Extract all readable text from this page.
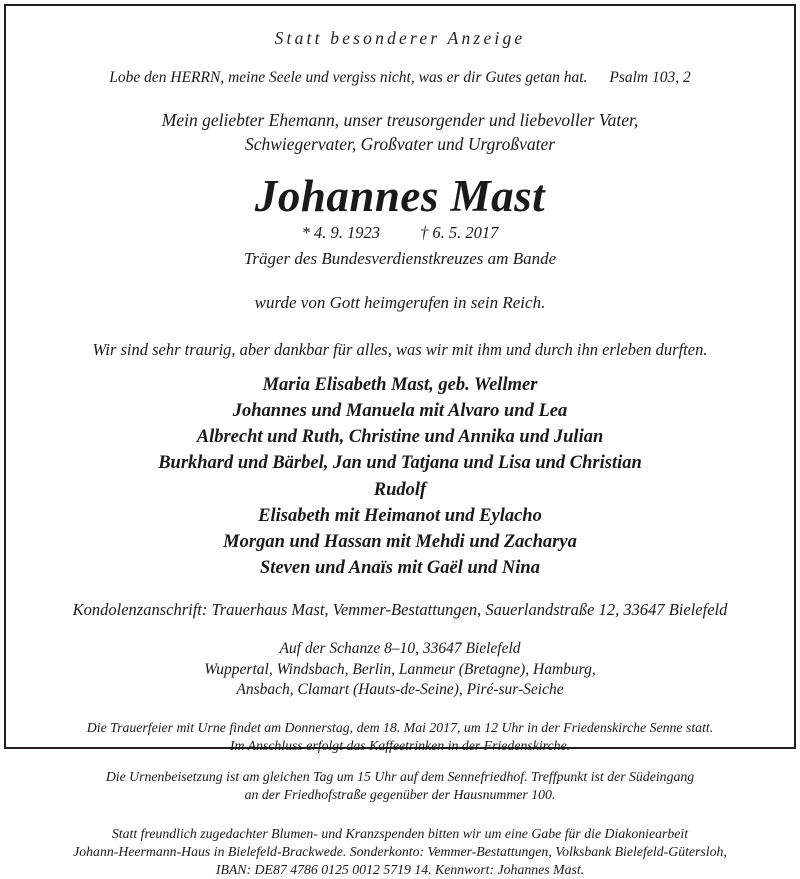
Statt besonderer Anzeige
Lobe den HERRN, meine Seele und vergiss nicht, was er dir Gutes getan hat. Psalm 103, 2
Mein geliebter Ehemann, unser treusorgender und liebevoller Vater,
Schwiegervater, Großvater und Urgroßvater
Johannes Mast
* 4. 9. 1923 † 6. 5. 2017
Träger des Bundesverdienstkreuzes am Bande
wurde von Gott heimgerufen in sein Reich.
Wir sind sehr traurig, aber dankbar für alles, was wir mit ihm und durch ihn erleben durften.
Maria Elisabeth Mast, geb. Wellmer
Johannes und Manuela mit Alvaro und Lea
Albrecht und Ruth, Christine und Annika und Julian
Burkhard und Bärbel, Jan und Tatjana und Lisa und Christian
Rudolf
Elisabeth mit Heimanot und Eylacho
Morgan und Hassan mit Mehdi und Zacharya
Steven und Anaïs mit Gaël und Nina
Kondolenzanschrift: Trauerhaus Mast, Vemmer-Bestattungen, Sauerlandstraße 12, 33647 Bielefeld
Auf der Schanze 8–10, 33647 Bielefeld
Wuppertal, Windsbach, Berlin, Lanmeur (Bretagne), Hamburg,
Ansbach, Clamart (Hauts-de-Seine), Piré-sur-Seiche
Die Trauerfeier mit Urne findet am Donnerstag, dem 18. Mai 2017, um 12 Uhr in der Friedenskirche Senne statt.
Im Anschluss erfolgt das Kaffeetrinken in der Friedenskirche.
Die Urnenbeisetzung ist am gleichen Tag um 15 Uhr auf dem Sennefriedhof. Treffpunkt ist der Südeingang
an der Friedhofstraße gegenüber der Hausnummer 100.
Statt freundlich zugedachter Blumen- und Kranzspenden bitten wir um eine Gabe für die Diakoniearbeit
Johann-Heermann-Haus in Bielefeld-Brackwede. Sonderkonto: Vemmer-Bestattungen, Volksbank Bielefeld-Gütersloh,
IBAN: DE87 4786 0125 0012 5719 14. Kennwort: Johannes Mast.
